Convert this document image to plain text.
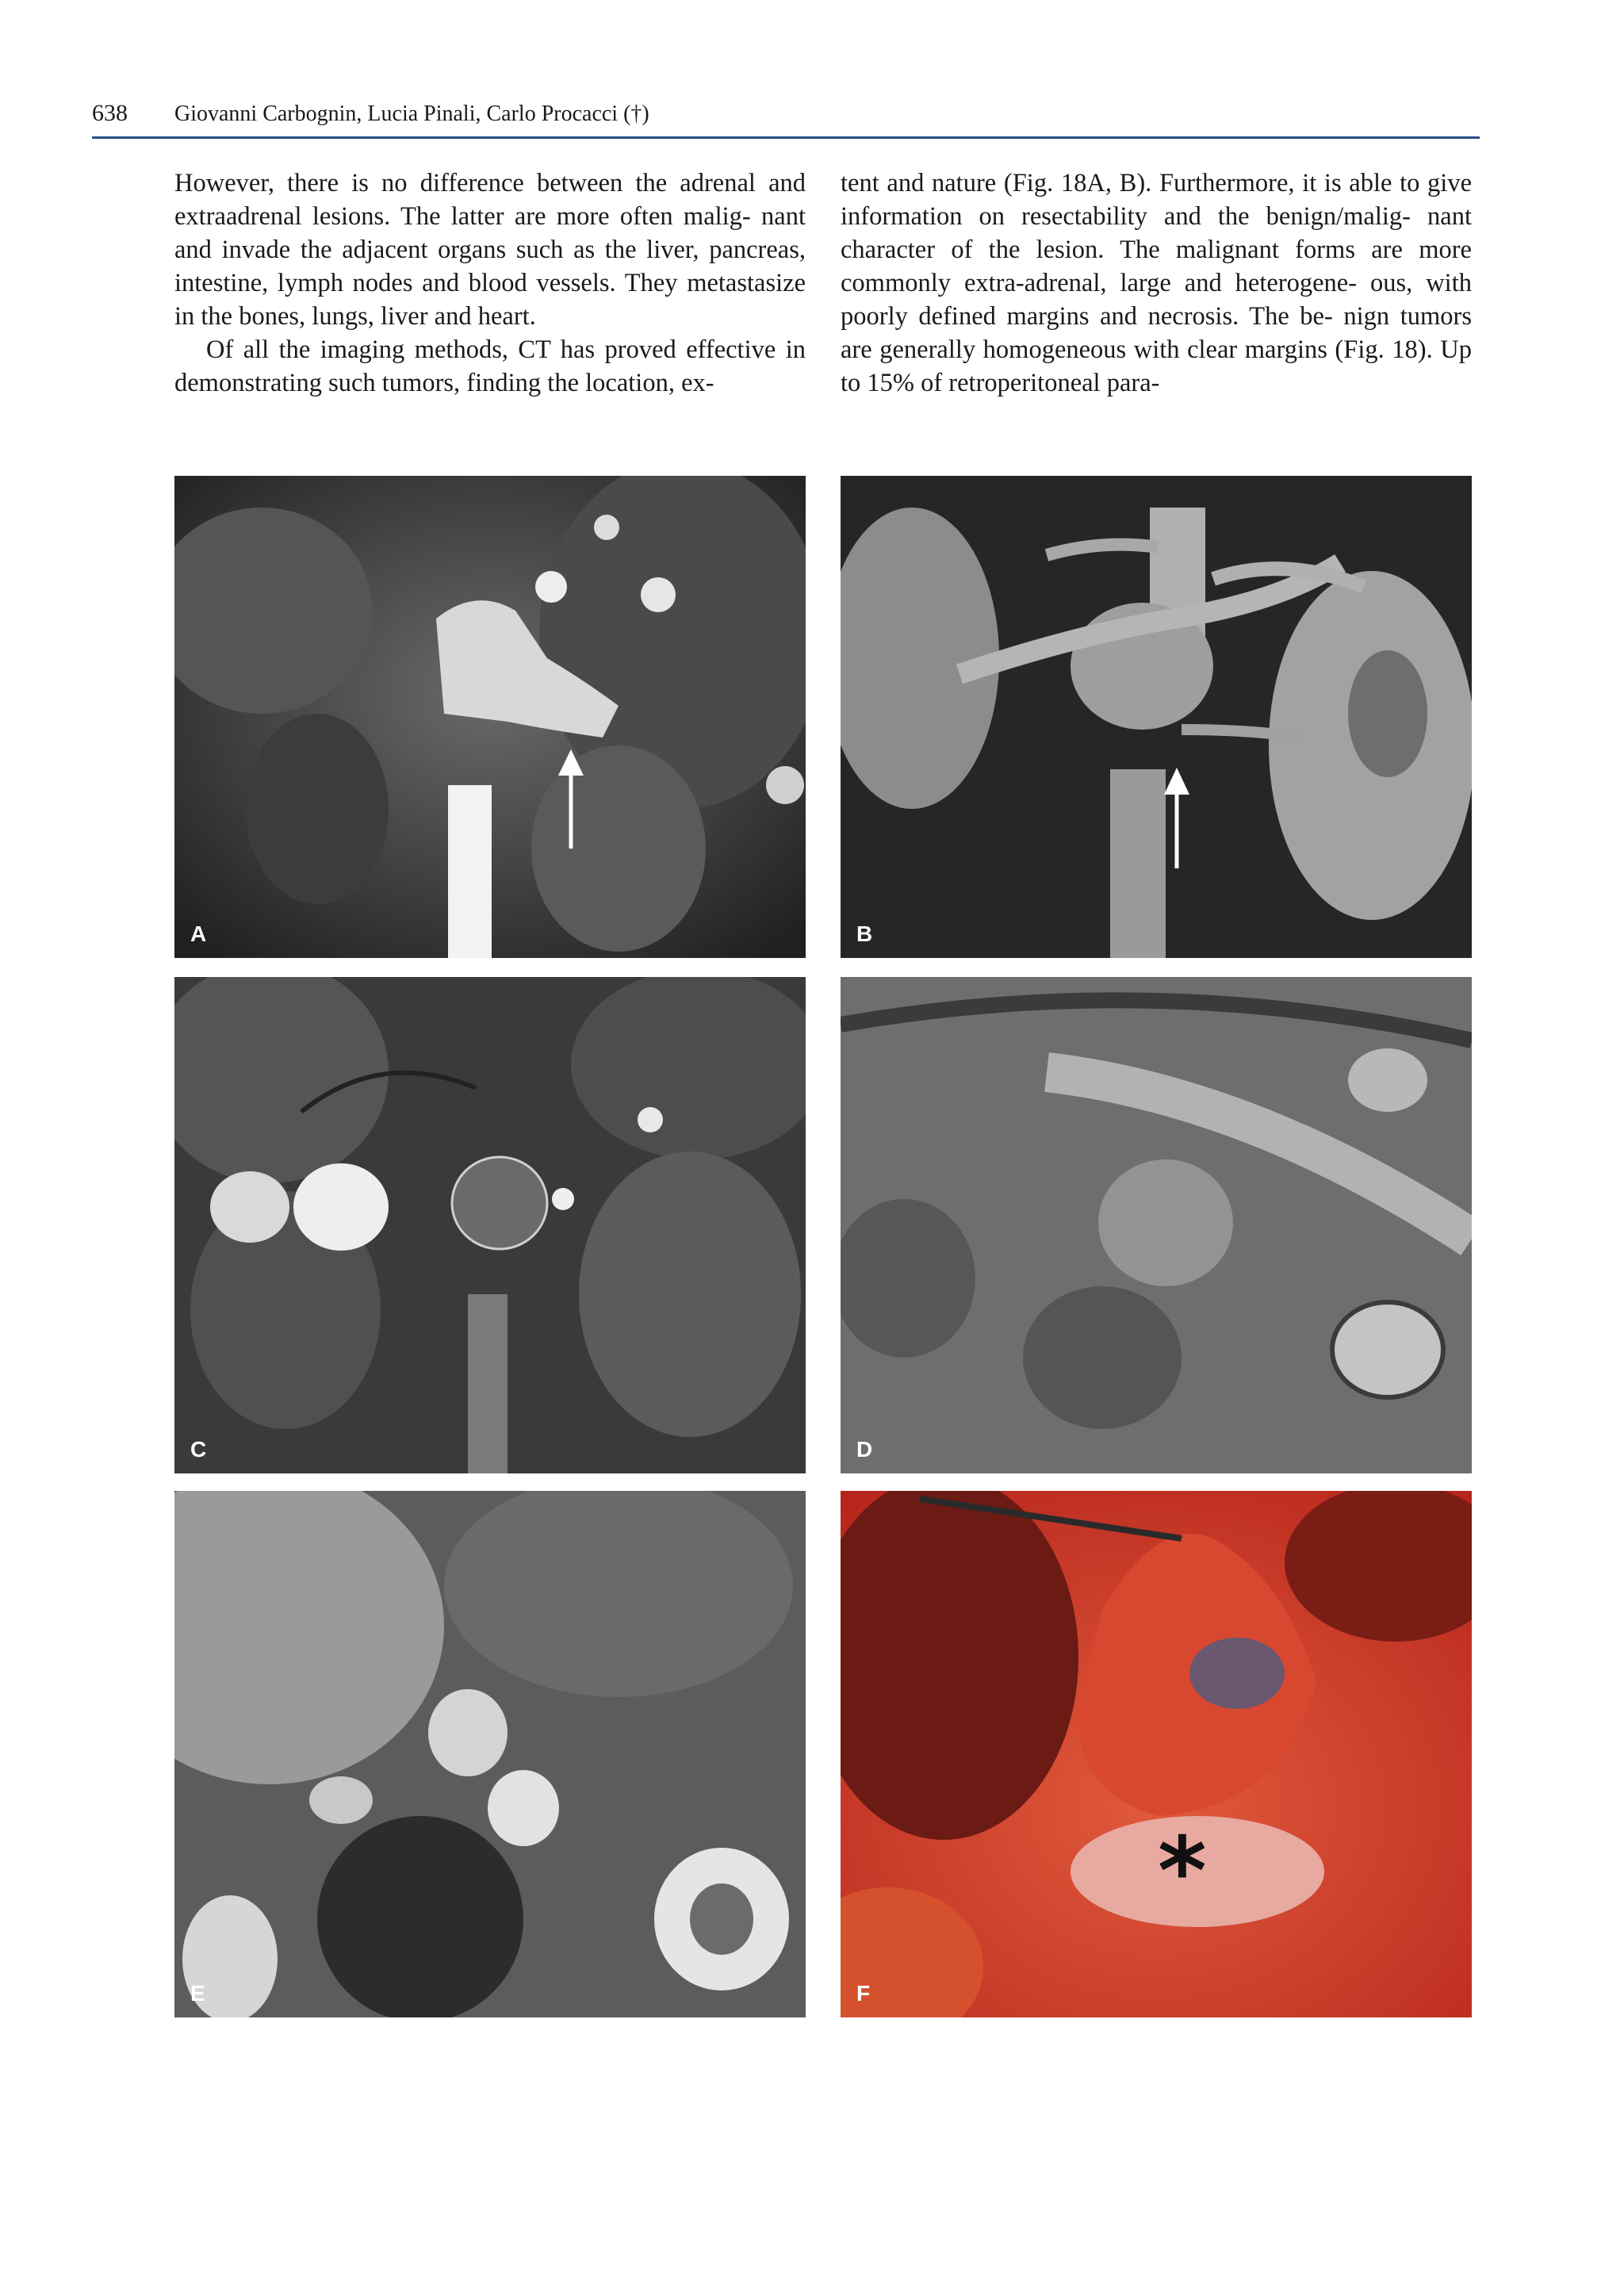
638 Giovanni Carbognin, Lucia Pinali, Carlo Procacci (†)

However, there is no difference between the adrenal and extraadrenal lesions. The latter are more often malig- nant and invade the adjacent organs such as the liver, pancreas, intestine, lymph nodes and blood vessels. They metastasize in the bones, lungs, liver and heart.

Of all the imaging methods, CT has proved effective in demonstrating such tumors, finding the location, ex-

tent and nature (Fig. 18A, B). Furthermore, it is able to give information on resectability and the benign/malig- nant character of the lesion. The malignant forms are more commonly extra-adrenal, large and heterogene- ous, with poorly defined margins and necrosis. The be- nign tumors are generally homogeneous with clear margins (Fig. 18). Up to 15% of retroperitoneal para-

A	B
C	D
E
*
F
